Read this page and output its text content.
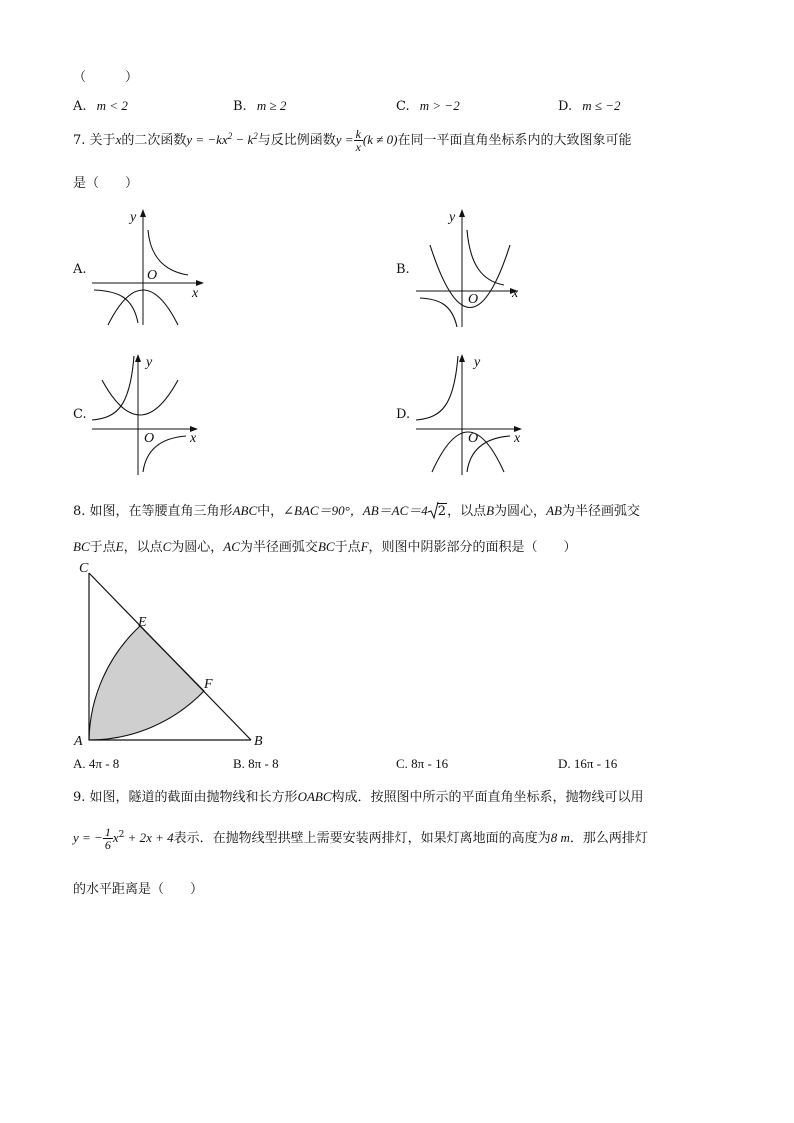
（　　　）
A. m < 2	B. m ≥ 2	C. m > −2	D. m ≤ −2
7. 关于x的二次函数$y = -kx^2 - k^2$与反比例函数$y = \frac{k}{x} (k \ne 0)$在同一平面直角坐标系内的大致图象可能
是（　　）
A.	O
y
x
B.
O
y
x
C.
O
y
x
D.
O
y
x
8. 如图，在等腰直角三角形ABC中，∠BAC＝90°，AB＝AC＝4 2，以点B为圆心，AB为半径画弧交
BC于点E，以点C为圆心，AC为半径画弧交BC于点F，则图中阴影部分的面积是（　　）
C
E
F
A	B
A. 4π - 8	B. 8π - 8	C. 8π - 16	D. 16π - 16
9. 如图，隧道的截面由抛物线和长方形OABC构成．按照图中所示的平面直角坐标系，抛物线可以用
y = − $\frac{1}{6} x^2 + 2x + 4$表示．在抛物线型拱壁上需要安装两排灯，如果灯离地面的高度为8 m．那么两排灯
的水平距离是（　　）
